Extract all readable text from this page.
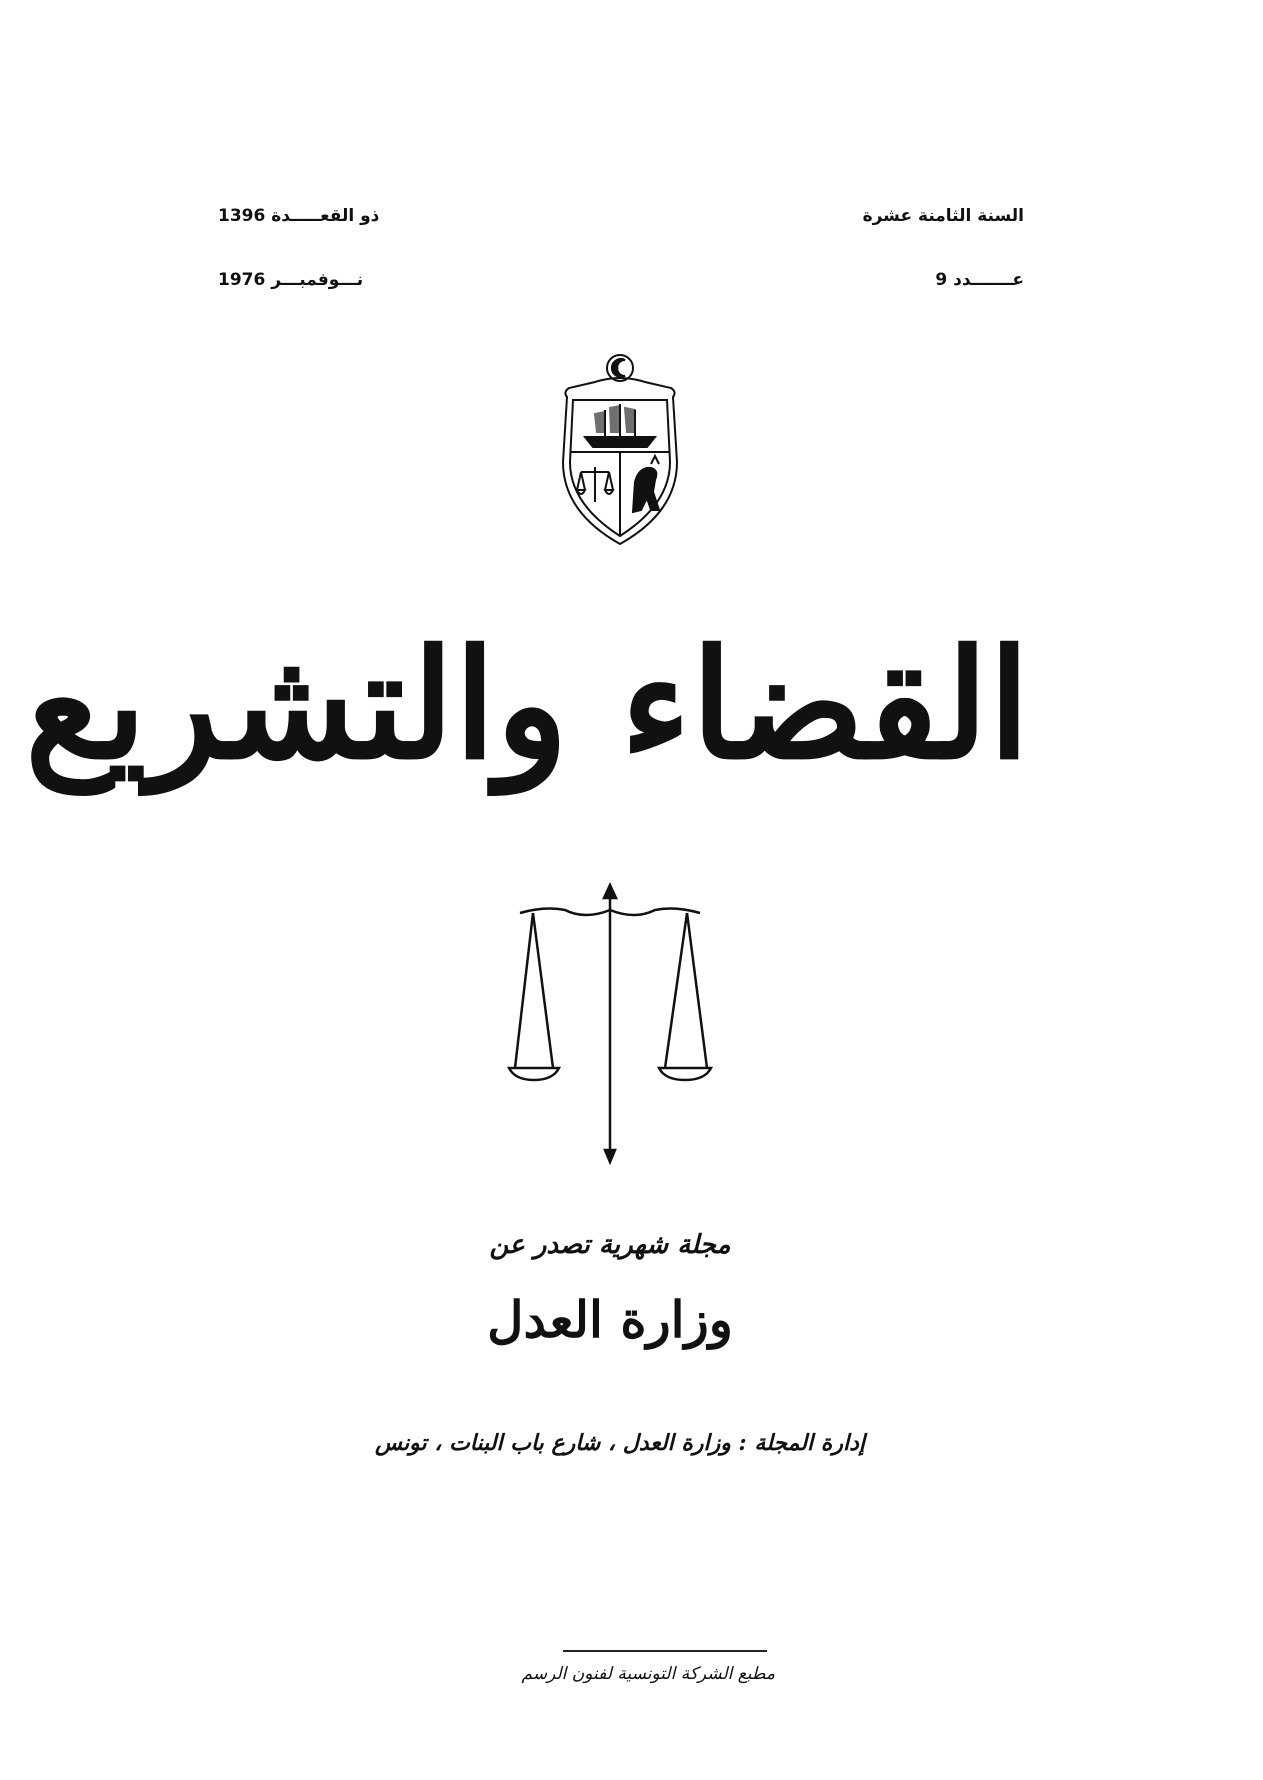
السنة الثامنة عشرة
عـــــــدد 9
ذو القعـــــدة 1396
نـــوفمبـــر 1976
القضاء والتشريع
مجلة شهرية تصدر عن
وزارة العدل
إدارة المجلة : وزارة العدل ، شارع باب البنات ، تونس
مطبع الشركة التونسية لفنون الرسم
